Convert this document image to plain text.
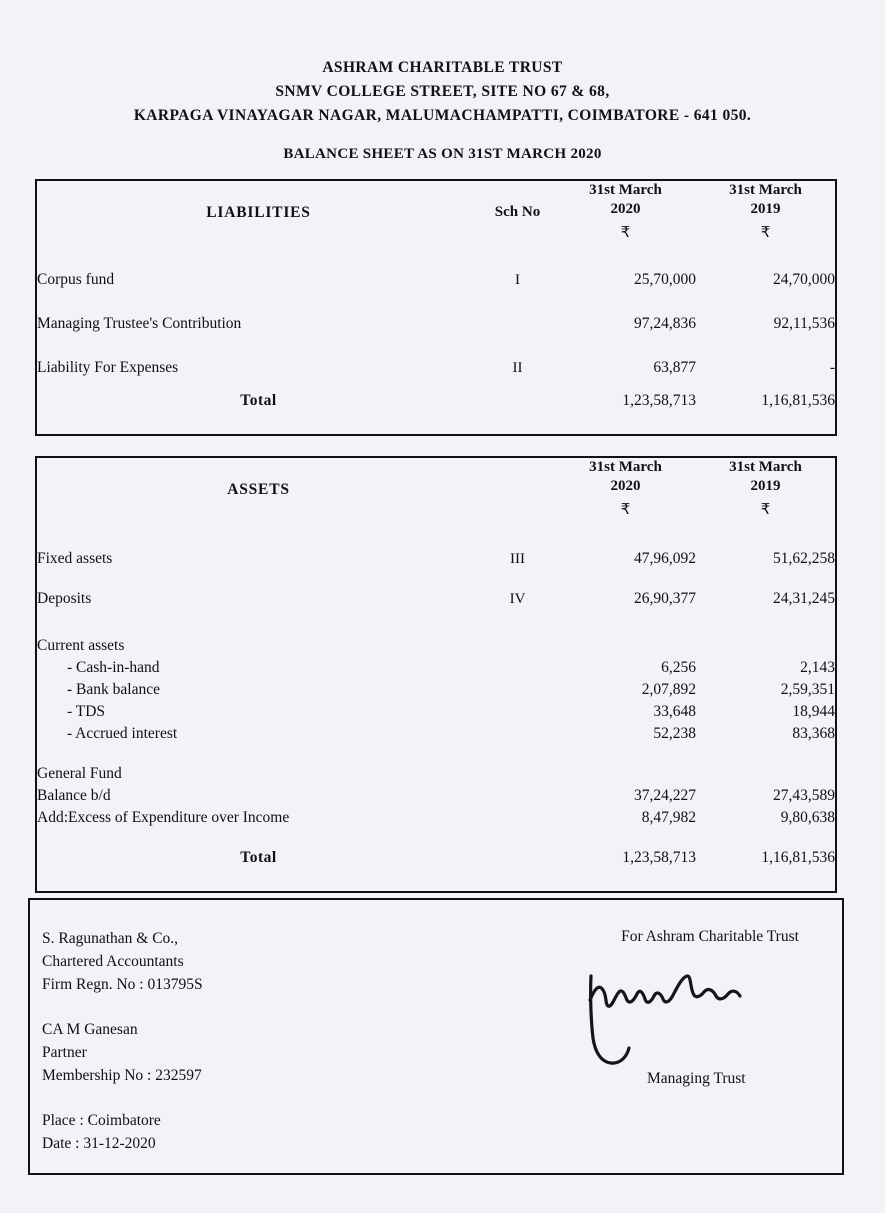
ASHRAM CHARITABLE TRUST
SNMV COLLEGE STREET, SITE NO 67 & 68,
KARPAGA VINAYAGAR NAGAR, MALUMACHAMPATTI, COIMBATORE - 641 050.
BALANCE SHEET AS ON 31ST MARCH 2020
LIABILITIES	Sch No	
31st March
2020

31st March
2019

		₹	₹

Corpus fund	I	25,70,000	24,70,000
Managing Trustee's Contribution		97,24,836	92,11,536
Liability For Expenses	II	63,877	-
Total		1,23,58,713	1,16,81,536

ASSETS		
31st March
2020

31st March
2019

		₹	₹

Fixed assets	III	47,96,092	51,62,258
Deposits	IV	26,90,377	24,31,245
Current assets			
- Cash-in-hand		6,256	2,143
- Bank balance		2,07,892	2,59,351
- TDS		33,648	18,944
- Accrued interest		52,238	83,368
General Fund			
Balance b/d		37,24,227	27,43,589
Add:Excess of Expenditure over Income		8,47,982	9,80,638

Total		1,23,58,713	1,16,81,536

S. Ragunathan & Co.,
Chartered Accountants
Firm Regn. No : 013795S
CA M Ganesan
Partner
Membership No : 232597
Place : Coimbatore
Date : 31-12-2020
For Ashram Charitable Trust
Managing Trust
